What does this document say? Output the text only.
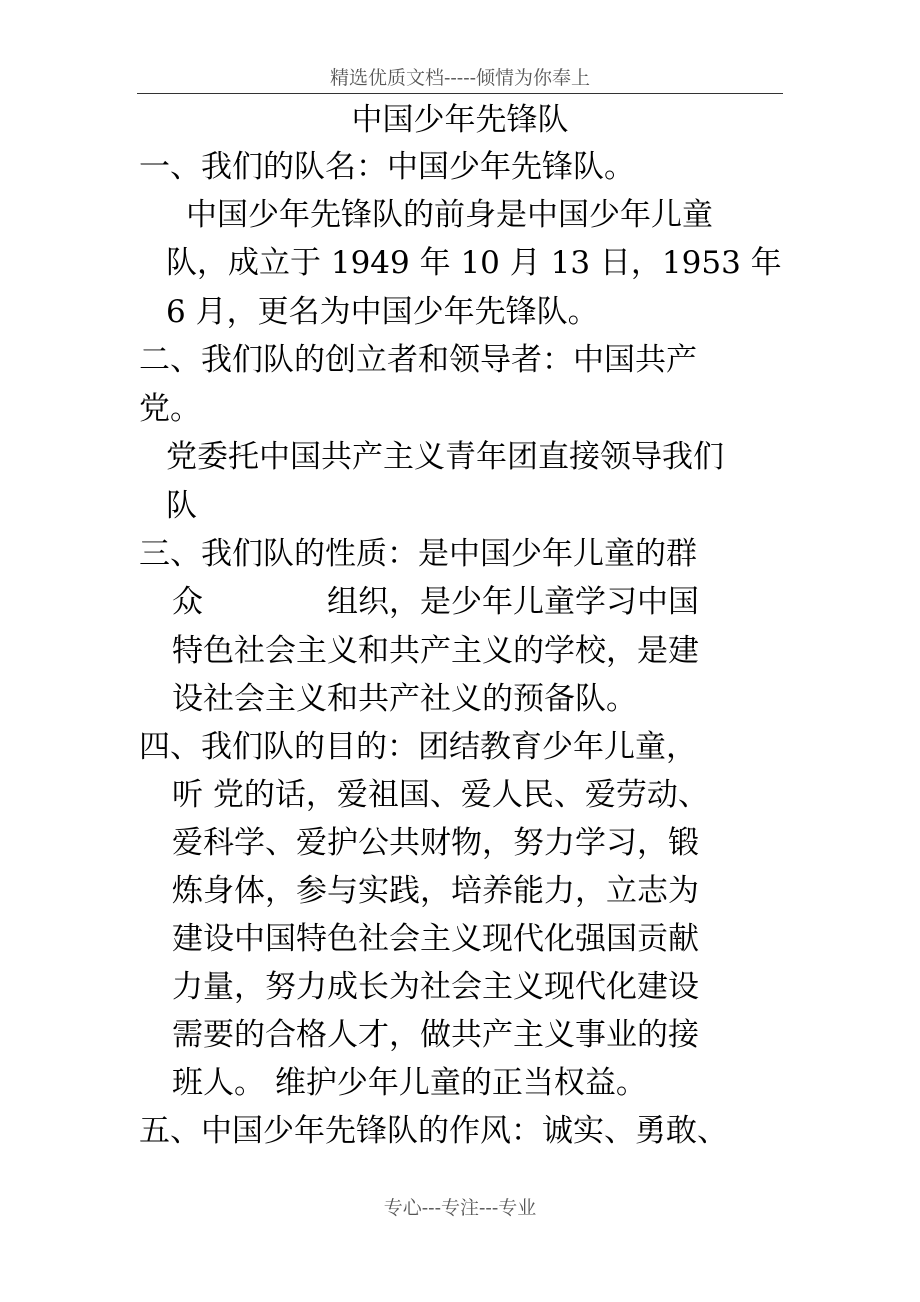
精选优质文档-----倾情为你奉上
中国少年先锋队
一、我们的队名：中国少年先锋队。
中国少年先锋队的前身是中国少年儿童
队，成立于 1949 年 10 月 13 日，1953 年
6 月，更名为中国少年先锋队。
二、我们队的创立者和领导者：中国共产
党。
党委托中国共产主义青年团直接领导我们
队
三、我们队的性质：是中国少年儿童的群
众　　　　组织，是少年儿童学习中国
特色社会主义和共产主义的学校，是建
设社会主义和共产社义的预备队。
四、我们队的目的：团结教育少年儿童，
听 党的话，爱祖国、爱人民、爱劳动、
爱科学、爱护公共财物，努力学习，锻
炼身体，参与实践，培养能力，立志为
建设中国特色社会主义现代化强国贡献
力量，努力成长为社会主义现代化建设
需要的合格人才，做共产主义事业的接
班人。 维护少年儿童的正当权益。
五、中国少年先锋队的作风：诚实、勇敢、
专心---专注---专业
